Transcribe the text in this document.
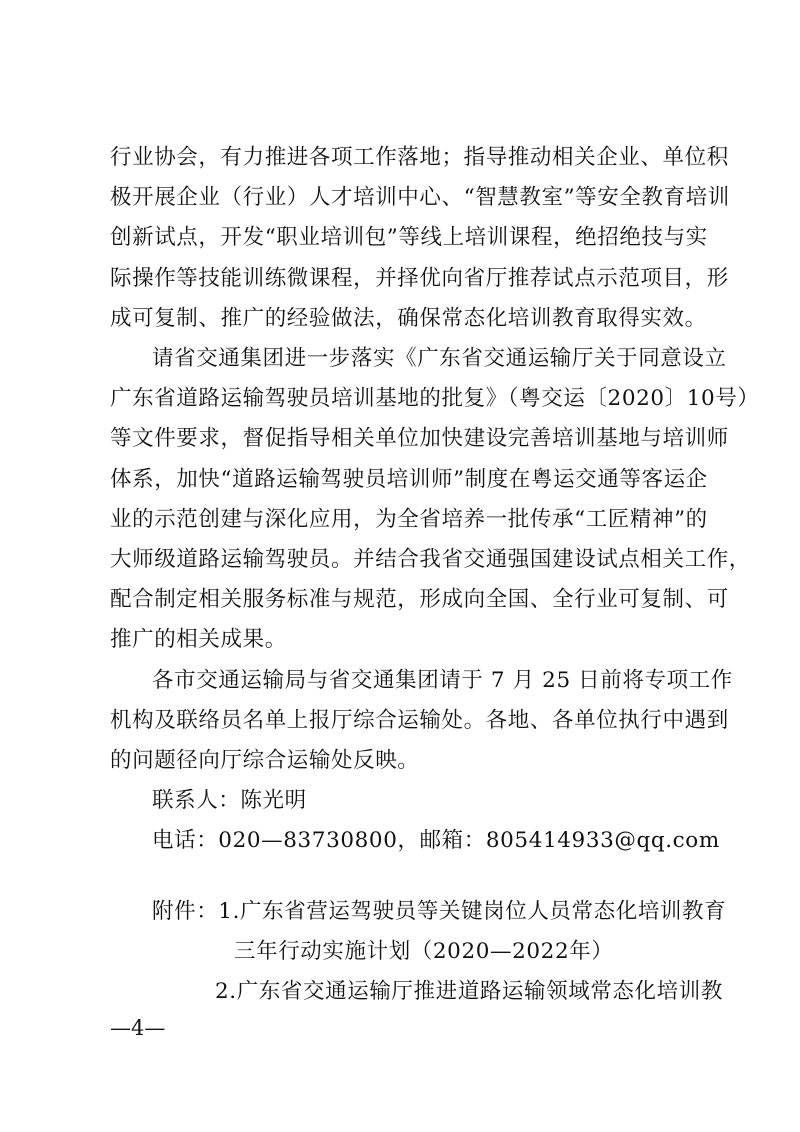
行业协会，有力推进各项工作落地；指导推动相关企业、单位积
极开展企业（行业）人才培训中心、“智慧教室”等安全教育培训
创新试点，开发“职业培训包”等线上培训课程，绝招绝技与实
际操作等技能训练微课程，并择优向省厅推荐试点示范项目，形
成可复制、推广的经验做法，确保常态化培训教育取得实效。
请省交通集团进一步落实《广东省交通运输厅关于同意设立
广东省道路运输驾驶员培训基地的批复》（粤交运〔2020〕10号）
等文件要求，督促指导相关单位加快建设完善培训基地与培训师
体系，加快“道路运输驾驶员培训师”制度在粤运交通等客运企
业的示范创建与深化应用，为全省培养一批传承“工匠精神”的
大师级道路运输驾驶员。并结合我省交通强国建设试点相关工作，
配合制定相关服务标准与规范，形成向全国、全行业可复制、可
推广的相关成果。
各市交通运输局与省交通集团请于 7 月 25 日前将专项工作
机构及联络员名单上报厅综合运输处。各地、各单位执行中遇到
的问题径向厅综合运输处反映。
联系人：陈光明
电话：020—83730800，邮箱：805414933@qq.com
附件：1.广东省营运驾驶员等关键岗位人员常态化培训教育
三年行动实施计划（2020—2022年）
2.广东省交通运输厅推进道路运输领域常态化培训教
—4—
